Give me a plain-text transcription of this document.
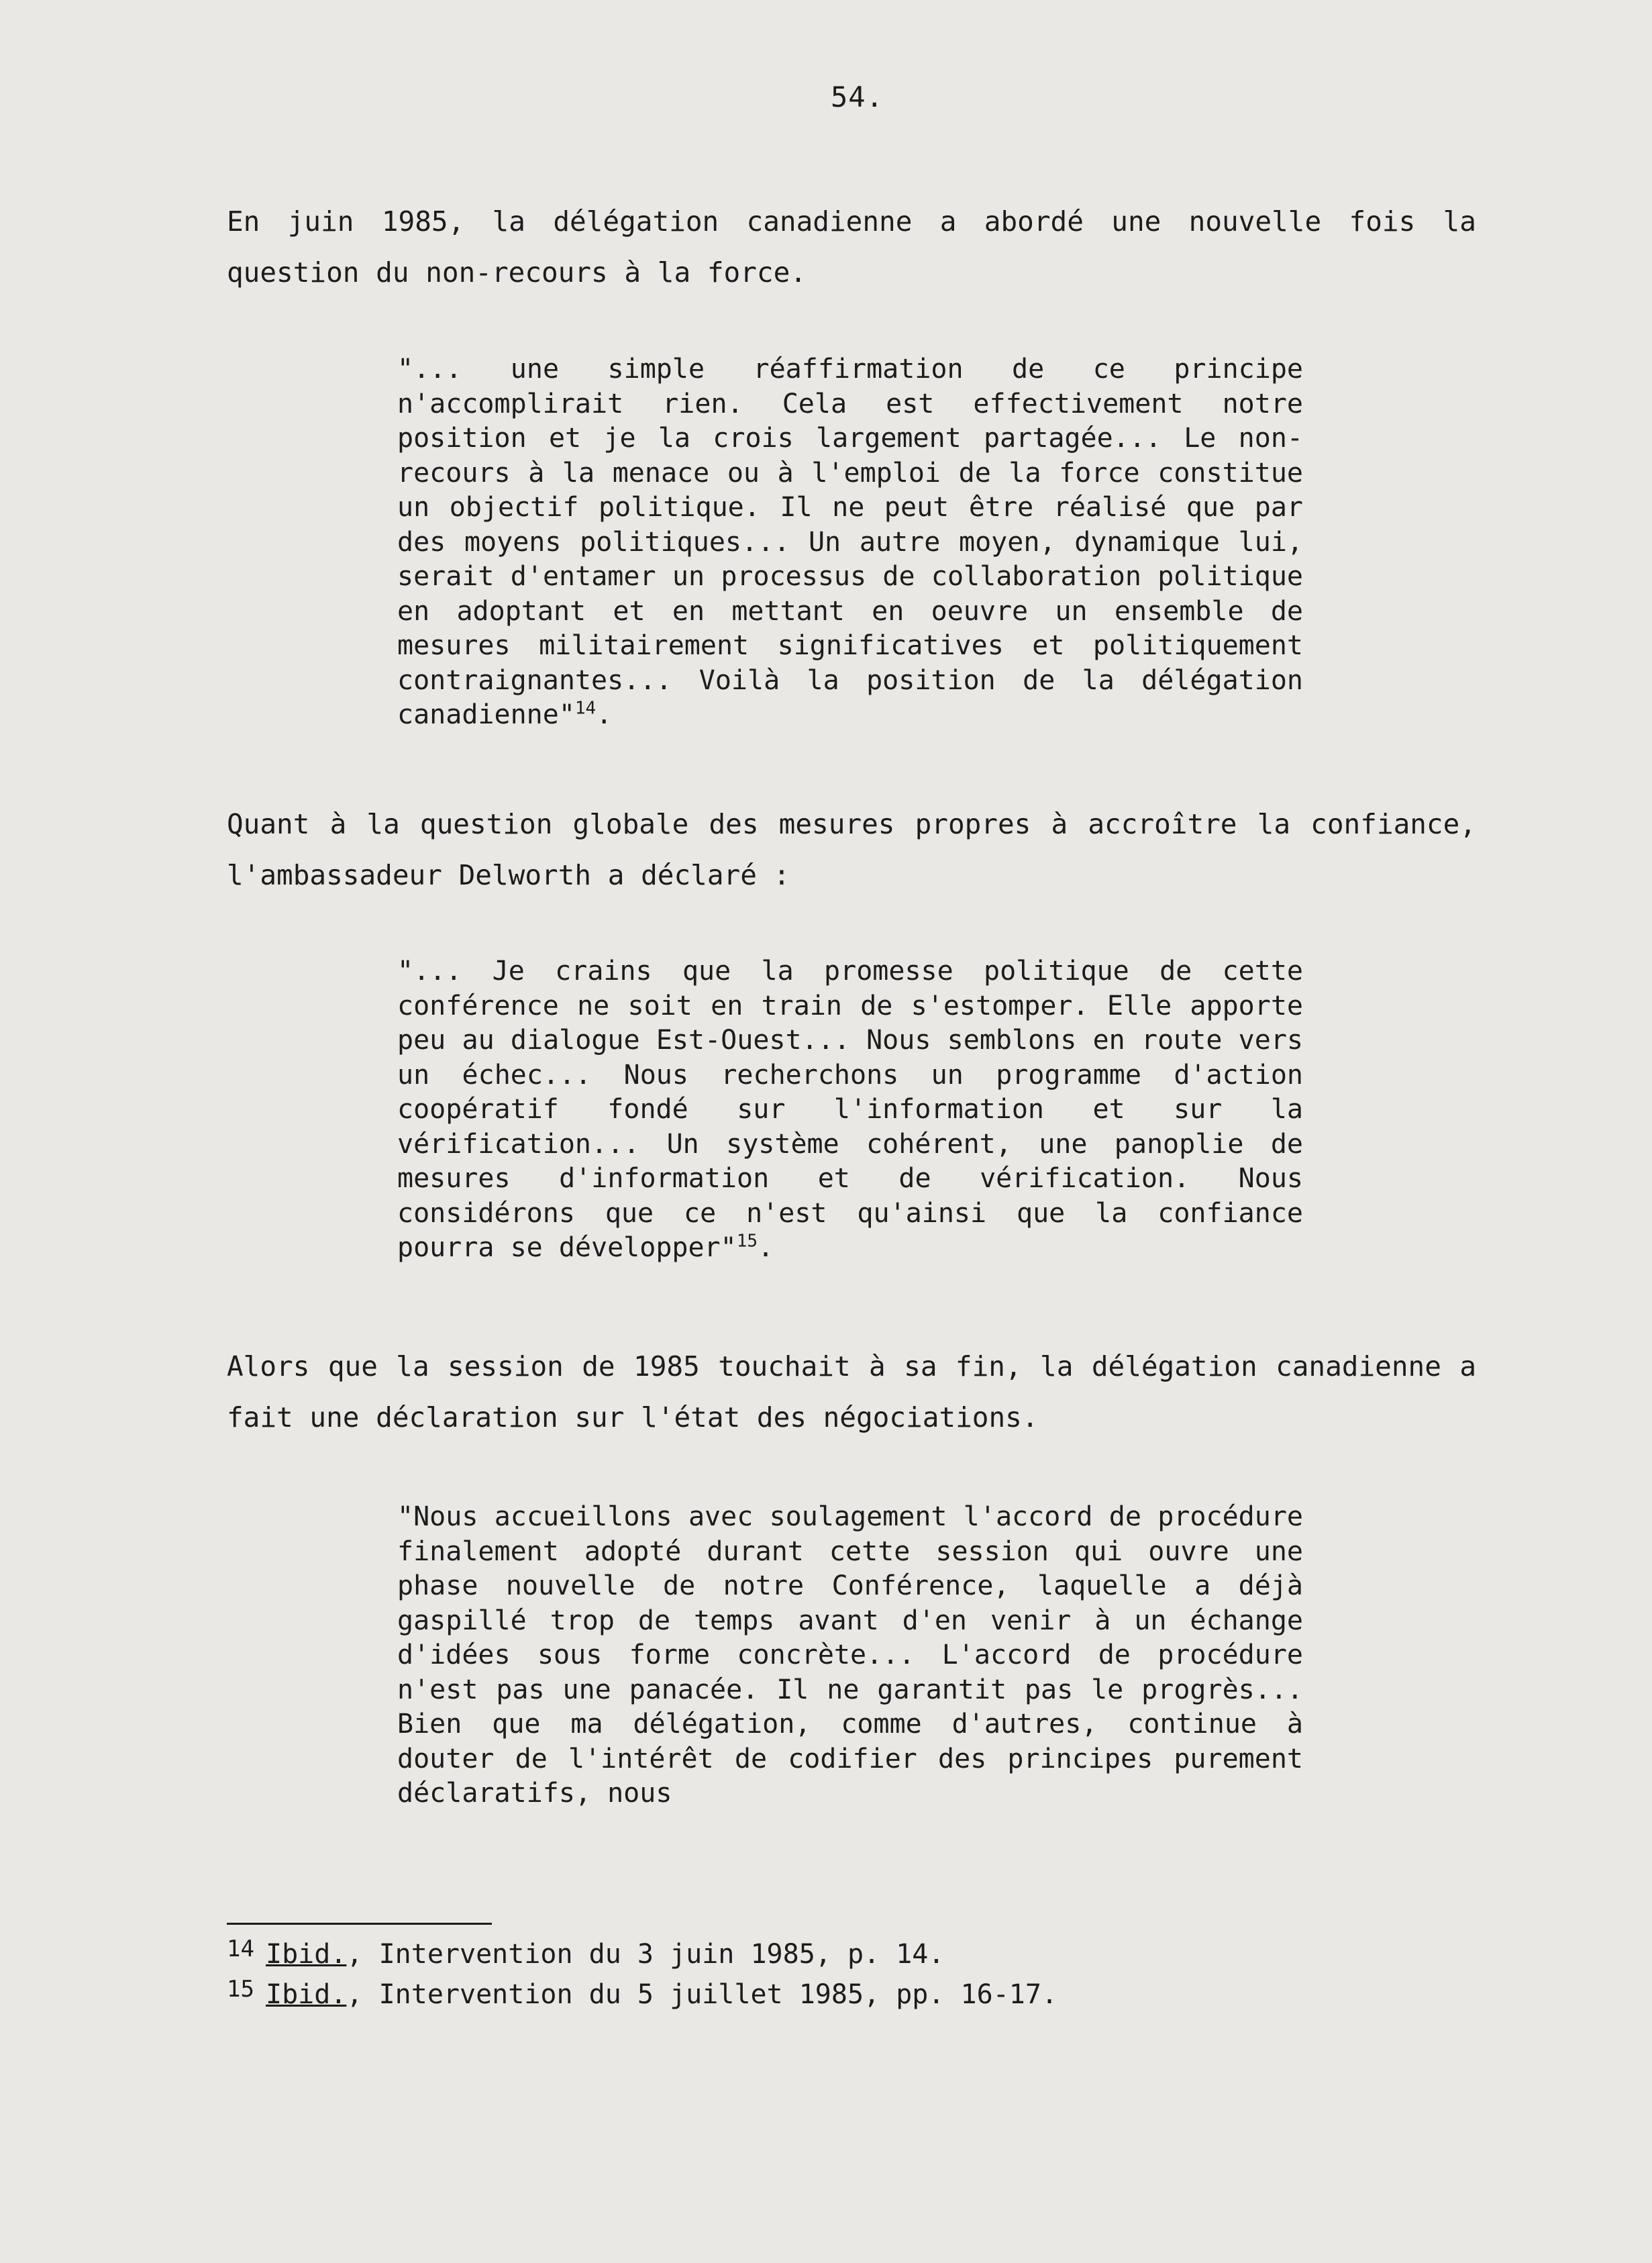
54.
En juin 1985, la délégation canadienne a abordé une nouvelle fois la question du non-recours à la force.
"... une simple réaffirmation de ce principe n'accomplirait rien. Cela est effectivement notre position et je la crois largement partagée... Le non-recours à la menace ou à l'emploi de la force constitue un objectif politique. Il ne peut être réalisé que par des moyens politiques... Un autre moyen, dynamique lui, serait d'entamer un processus de collaboration politique en adoptant et en mettant en oeuvre un ensemble de mesures militairement significatives et politiquement contraignantes... Voilà la position de la délégation canadienne"$^{14}$.
Quant à la question globale des mesures propres à accroître la confiance, l'ambassadeur Delworth a déclaré :
"... Je crains que la promesse politique de cette conférence ne soit en train de s'estomper. Elle apporte peu au dialogue Est-Ouest... Nous semblons en route vers un échec... Nous recherchons un programme d'action coopératif fondé sur l'information et sur la vérification... Un système cohérent, une panoplie de mesures d'information et de vérification. Nous considérons que ce n'est qu'ainsi que la confiance pourra se développer"$^{15}$.
Alors que la session de 1985 touchait à sa fin, la délégation canadienne a fait une déclaration sur l'état des négociations.
"Nous accueillons avec soulagement l'accord de procédure finalement adopté durant cette session qui ouvre une phase nouvelle de notre Conférence, laquelle a déjà gaspillé trop de temps avant d'en venir à un échange d'idées sous forme concrète... L'accord de procédure n'est pas une panacée. Il ne garantit pas le progrès... Bien que ma délégation, comme d'autres, continue à douter de l'intérêt de codifier des principes purement déclaratifs, nous
14 Ibid., Intervention du 3 juin 1985, p. 14.
15 Ibid., Intervention du 5 juillet 1985, pp. 16-17.
